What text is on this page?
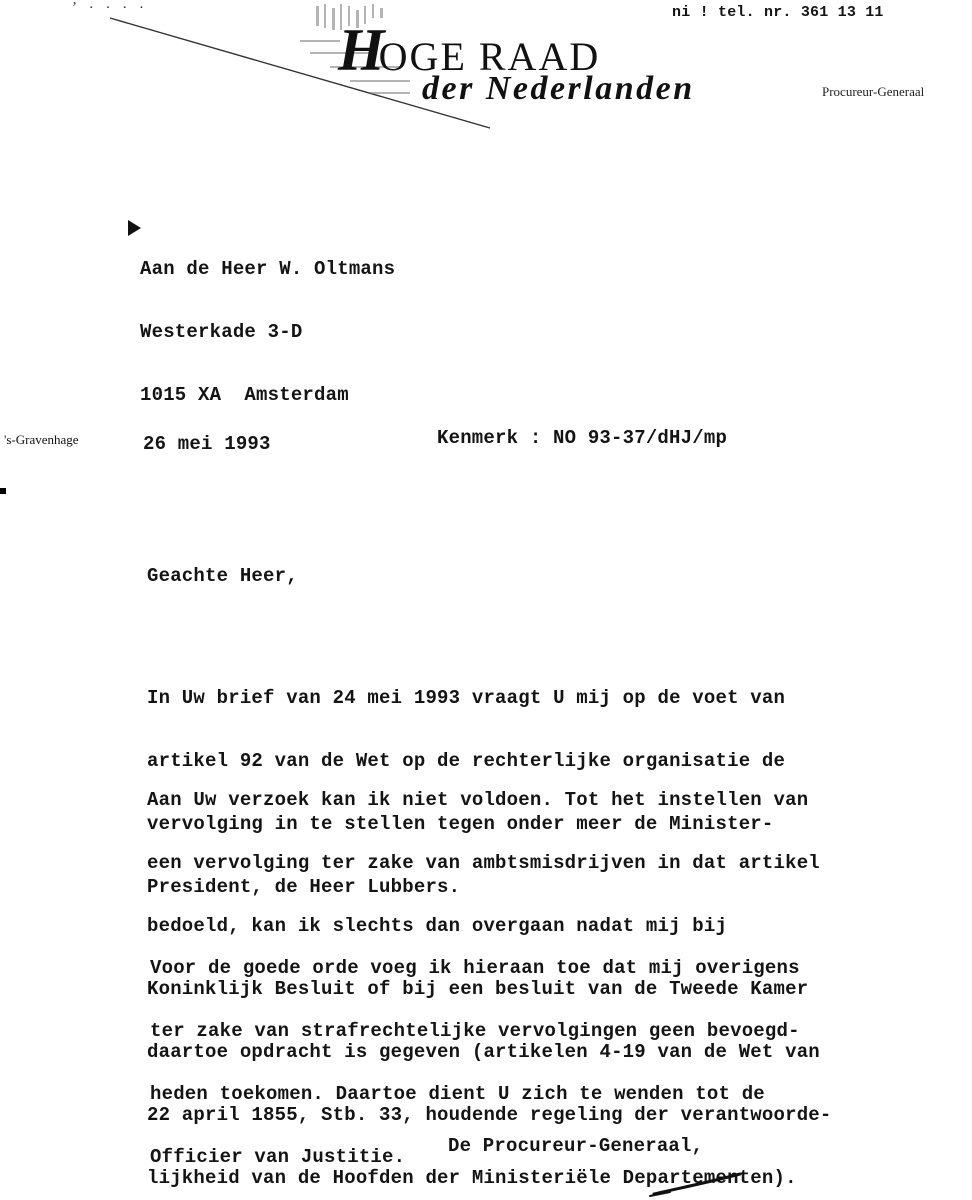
ʼ · · · ·	ni ! tel. nr. 361 13 11
HOGE RAAD
der Nederlanden	Procureur-Generaal

Aan de Heer W. Oltmans

Westerkade 3-D

1015 XA  Amsterdam

's-Gravenhage	26 mei 1993	Kenmerk : NO 93-37/dHJ/mp
Geachte Heer,

In Uw brief van 24 mei 1993 vraagt U mij op de voet van

artikel 92 van de Wet op de rechterlijke organisatie de

vervolging in te stellen tegen onder meer de Minister-

President, de Heer Lubbers.

Aan Uw verzoek kan ik niet voldoen. Tot het instellen van

een vervolging ter zake van ambtsmisdrijven in dat artikel

bedoeld, kan ik slechts dan overgaan nadat mij bij

Koninklijk Besluit of bij een besluit van de Tweede Kamer

daartoe opdracht is gegeven (artikelen 4-19 van de Wet van

22 april 1855, Stb. 33, houdende regeling der verantwoorde-

lijkheid van de Hoofden der Ministeriële Departementen).

Voor de goede orde voeg ik hieraan toe dat mij overigens

ter zake van strafrechtelijke vervolgingen geen bevoegd-

heden toekomen. Daartoe dient U zich te wenden tot de

Officier van Justitie.

	De Procureur-Generaal,
